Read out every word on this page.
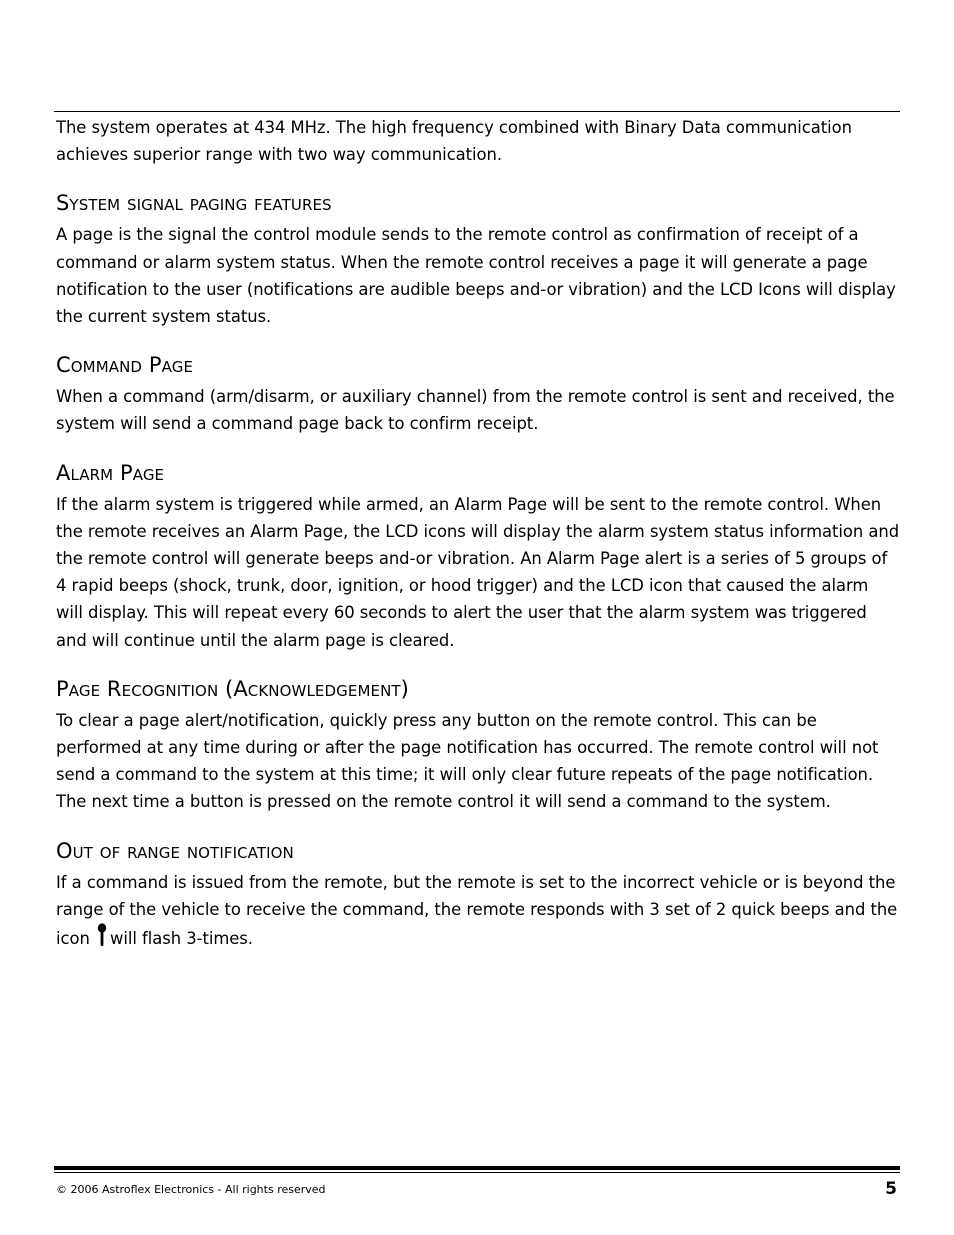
The system operates at 434 MHz. The high frequency combined with Binary Data communication achieves superior range with two way communication.

System signal paging features

A page is the signal the control module sends to the remote control as confirmation of receipt of a command or alarm system status. When the remote control receives a page it will generate a page notification to the user (notifications are audible beeps and-or vibration) and the LCD Icons will display the current system status.

Command Page

When a command (arm/disarm, or auxiliary channel) from the remote control is sent and received, the system will send a command page back to confirm receipt.

Alarm Page

If the alarm system is triggered while armed, an Alarm Page will be sent to the remote control. When the remote receives an Alarm Page, the LCD icons will display the alarm system status information and the remote control will generate beeps and-or vibration. An Alarm Page alert is a series of 5 groups of 4 rapid beeps (shock, trunk, door, ignition, or hood trigger) and the LCD icon that caused the alarm will display. This will repeat every 60 seconds to alert the user that the alarm system was triggered and will continue until the alarm page is cleared.

Page Recognition (Acknowledgement)

To clear a page alert/notification, quickly press any button on the remote control. This can be performed at any time during or after the page notification has occurred. The remote control will not send a command to the system at this time; it will only clear future repeats of the page notification. The next time a button is pressed on the remote control it will send a command to the system.

Out of range notification

If a command is issued from the remote, but the remote is set to the incorrect vehicle or is beyond the range of the vehicle to receive the command, the remote responds with 3 set of 2 quick beeps and the icon will flash 3-times.

© 2006 Astroflex Electronics - All rights reserved	5
